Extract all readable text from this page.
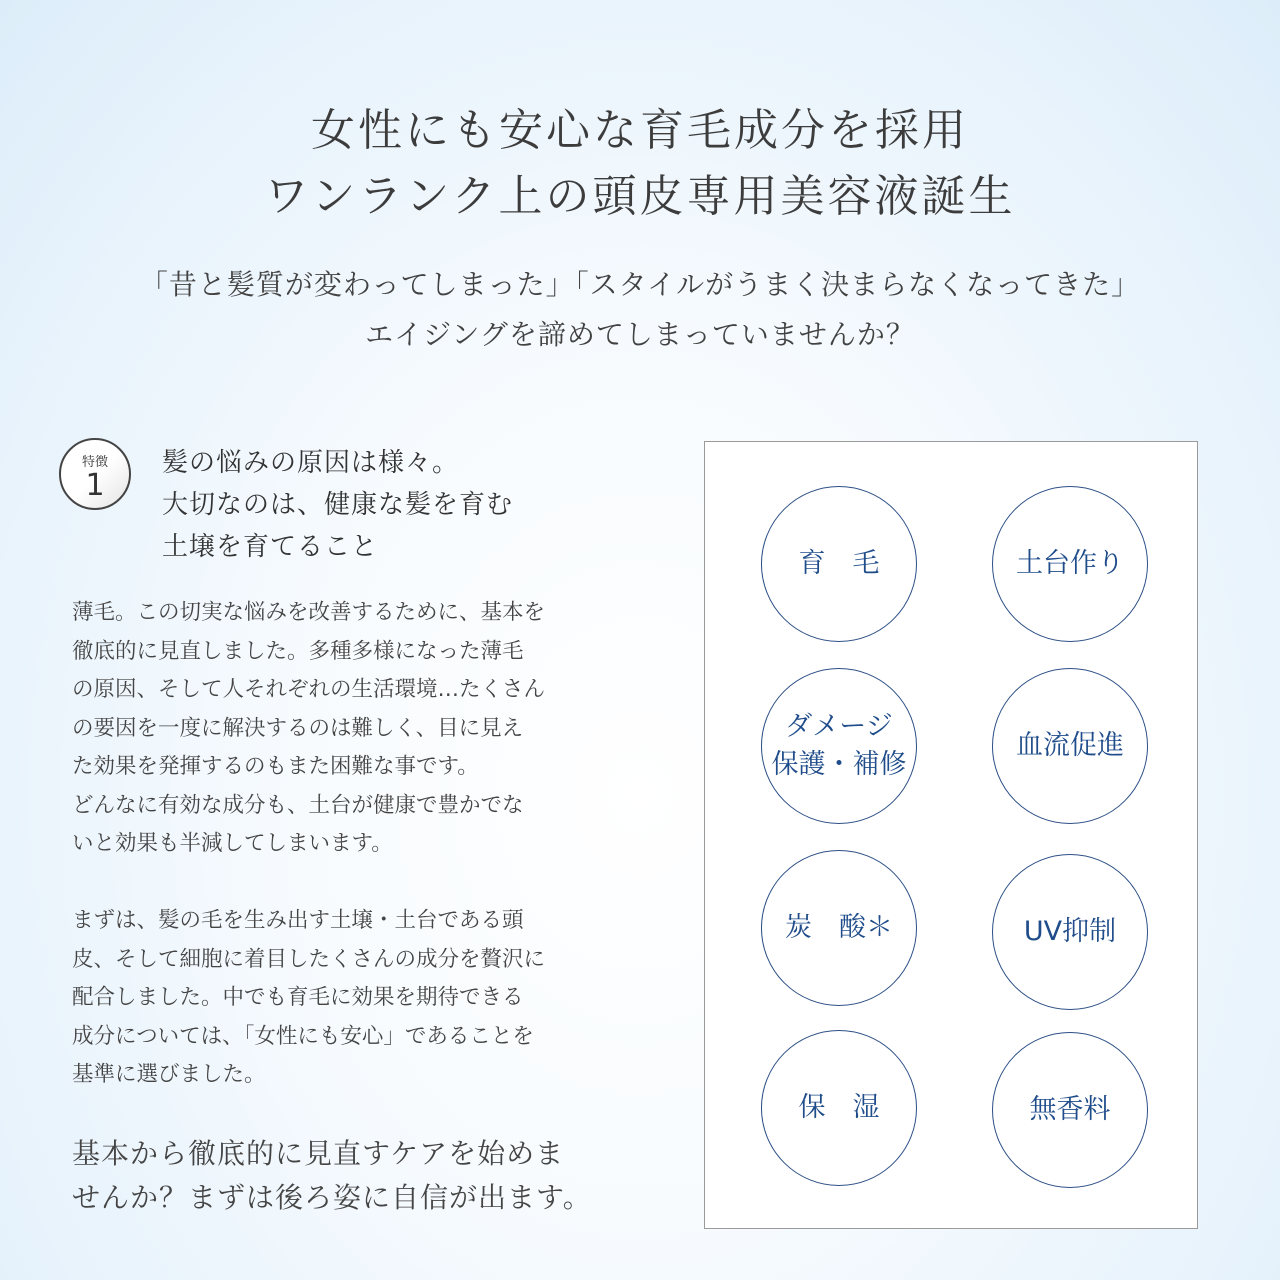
女性にも安心な育毛成分を採用
ワンランク上の頭皮専用美容液誕生
「昔と髪質が変わってしまった」「スタイルがうまく決まらなくなってきた」
エイジングを諦めてしまっていませんか？
特徴
1
髪の悩みの原因は様々。
大切なのは、健康な髪を育む
土壌を育てること
薄毛。この切実な悩みを改善するために、基本を
徹底的に見直しました。多種多様になった薄毛
の原因、そして人それぞれの生活環境…たくさん
の要因を一度に解決するのは難しく、目に見え
た効果を発揮するのもまた困難な事です。
どんなに有効な成分も、土台が健康で豊かでな
いと効果も半減してしまいます。
まずは、髪の毛を生み出す土壌・土台である頭
皮、そして細胞に着目したくさんの成分を贅沢に
配合しました。中でも育毛に効果を期待できる
成分については、「女性にも安心」であることを
基準に選びました。
基本から徹底的に見直すケアを始めま
せんか？まずは後ろ姿に自信が出ます。
育　毛	土台作り
ダメージ
保護・補修
血流促進
炭　酸＊	UV抑制
保　湿	無香料
